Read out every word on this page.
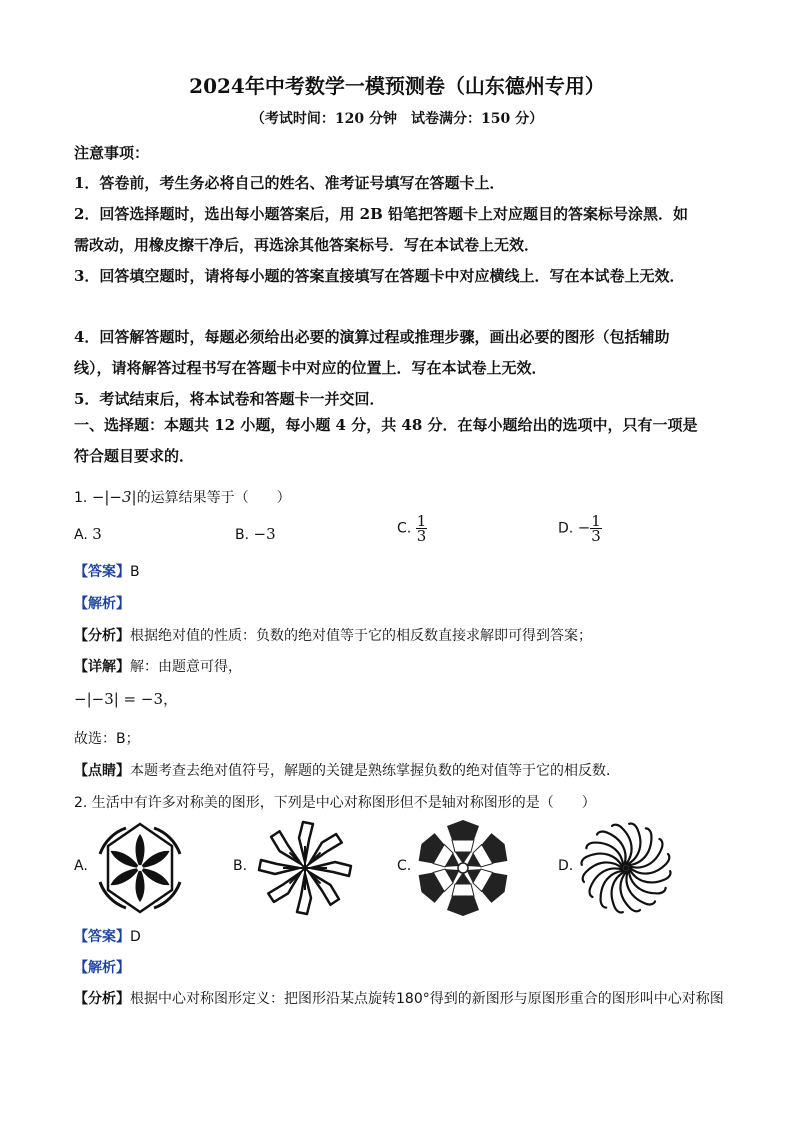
2024年中考数学一模预测卷（山东德州专用）
（考试时间：120 分钟　试卷满分：150 分）
注意事项：
1．答卷前，考生务必将自己的姓名、准考证号填写在答题卡上．
2．回答选择题时，选出每小题答案后，用 2B 铅笔把答题卡上对应题目的答案标号涂黑．如
需改动，用橡皮擦干净后，再选涂其他答案标号．写在本试卷上无效．
3．回答填空题时，请将每小题的答案直接填写在答题卡中对应横线上．写在本试卷上无效．
4．回答解答题时，每题必须给出必要的演算过程或推理步骤，画出必要的图形（包括辅助
线），请将解答过程书写在答题卡中对应的位置上．写在本试卷上无效．
5．考试结束后，将本试卷和答题卡一并交回．
一、选择题：本题共 12 小题，每小题 4 分，共 48 分．在每小题给出的选项中，只有一项是
符合题目要求的．
1. −|−3|的运算结果等于（　　）
A. 3	B. −3	C. $\frac{1}{3}$	D. − $\frac{1}{3}$
【答案】B
【解析】
【分析】根据绝对值的性质：负数的绝对值等于它的相反数直接求解即可得到答案；
【详解】解：由题意可得，
−|−3| = −3，
故选：B；
【点睛】本题考查去绝对值符号，解题的关键是熟练掌握负数的绝对值等于它的相反数．
2. 生活中有许多对称美的图形，下列是中心对称图形但不是轴对称图形的是（　　）
A.	B.	C.	D.
【答案】D
【解析】
【分析】根据中心对称图形定义：把图形沿某点旋转180°得到的新图形与原图形重合的图形叫中心对称图
